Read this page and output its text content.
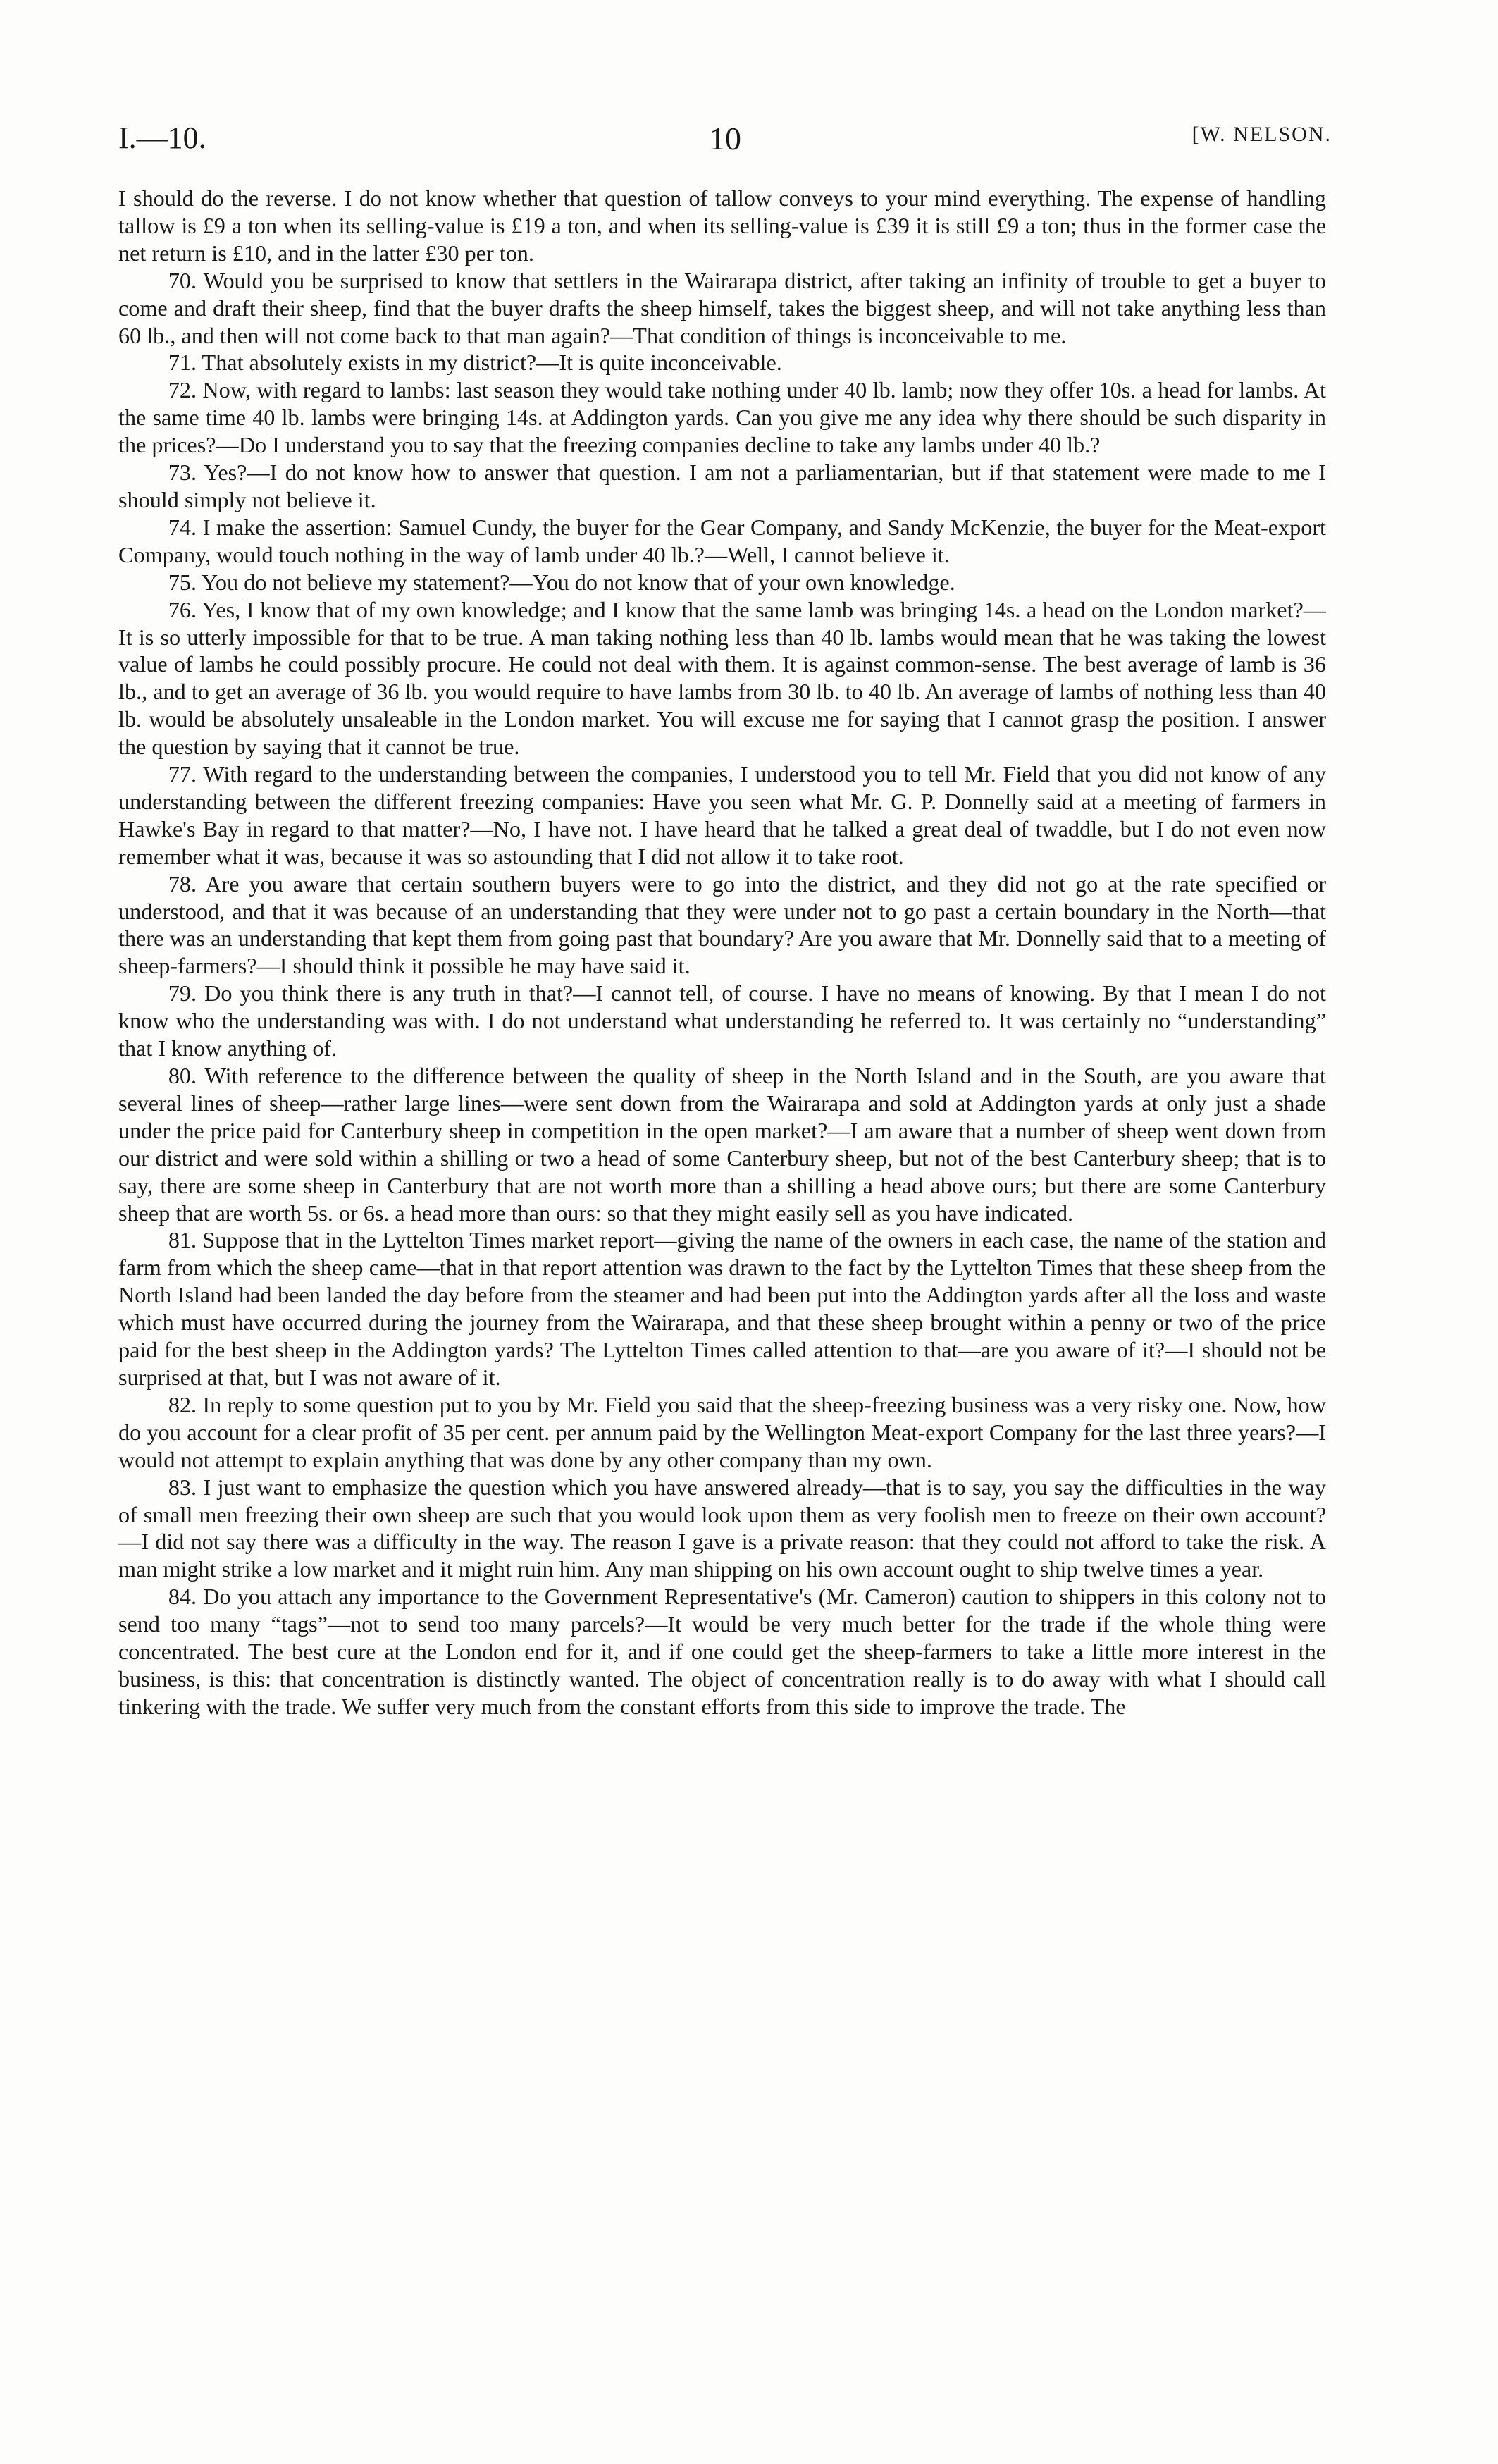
I.—10.	10	[W. NELSON.

I should do the reverse. I do not know whether that question of tallow conveys to your mind everything. The expense of handling tallow is £9 a ton when its selling-value is £19 a ton, and when its selling-value is £39 it is still £9 a ton; thus in the former case the net return is £10, and in the latter £30 per ton.

70. Would you be surprised to know that settlers in the Wairarapa district, after taking an infinity of trouble to get a buyer to come and draft their sheep, find that the buyer drafts the sheep himself, takes the biggest sheep, and will not take anything less than 60 lb., and then will not come back to that man again?—That condition of things is inconceivable to me.

71. That absolutely exists in my district?—It is quite inconceivable.

72. Now, with regard to lambs: last season they would take nothing under 40 lb. lamb; now they offer 10s. a head for lambs. At the same time 40 lb. lambs were bringing 14s. at Addington yards. Can you give me any idea why there should be such disparity in the prices?—Do I understand you to say that the freezing companies decline to take any lambs under 40 lb.?

73. Yes?—I do not know how to answer that question. I am not a parliamentarian, but if that statement were made to me I should simply not believe it.

74. I make the assertion: Samuel Cundy, the buyer for the Gear Company, and Sandy McKenzie, the buyer for the Meat-export Company, would touch nothing in the way of lamb under 40 lb.?—Well, I cannot believe it.

75. You do not believe my statement?—You do not know that of your own knowledge.

76. Yes, I know that of my own knowledge; and I know that the same lamb was bringing 14s. a head on the London market?—It is so utterly impossible for that to be true. A man taking nothing less than 40 lb. lambs would mean that he was taking the lowest value of lambs he could possibly procure. He could not deal with them. It is against common-sense. The best average of lamb is 36 lb., and to get an average of 36 lb. you would require to have lambs from 30 lb. to 40 lb. An average of lambs of nothing less than 40 lb. would be absolutely unsaleable in the London market. You will excuse me for saying that I cannot grasp the position. I answer the question by saying that it cannot be true.

77. With regard to the understanding between the companies, I understood you to tell Mr. Field that you did not know of any understanding between the different freezing companies: Have you seen what Mr. G. P. Donnelly said at a meeting of farmers in Hawke's Bay in regard to that matter?—No, I have not. I have heard that he talked a great deal of twaddle, but I do not even now remember what it was, because it was so astounding that I did not allow it to take root.

78. Are you aware that certain southern buyers were to go into the district, and they did not go at the rate specified or understood, and that it was because of an understanding that they were under not to go past a certain boundary in the North—that there was an understanding that kept them from going past that boundary? Are you aware that Mr. Donnelly said that to a meeting of sheep-farmers?—I should think it possible he may have said it.

79. Do you think there is any truth in that?—I cannot tell, of course. I have no means of knowing. By that I mean I do not know who the understanding was with. I do not understand what understanding he referred to. It was certainly no “understanding” that I know anything of.

80. With reference to the difference between the quality of sheep in the North Island and in the South, are you aware that several lines of sheep—rather large lines—were sent down from the Wairarapa and sold at Addington yards at only just a shade under the price paid for Canterbury sheep in competition in the open market?—I am aware that a number of sheep went down from our district and were sold within a shilling or two a head of some Canterbury sheep, but not of the best Canterbury sheep; that is to say, there are some sheep in Canterbury that are not worth more than a shilling a head above ours; but there are some Canterbury sheep that are worth 5s. or 6s. a head more than ours: so that they might easily sell as you have indicated.

81. Suppose that in the Lyttelton Times market report—giving the name of the owners in each case, the name of the station and farm from which the sheep came—that in that report attention was drawn to the fact by the Lyttelton Times that these sheep from the North Island had been landed the day before from the steamer and had been put into the Addington yards after all the loss and waste which must have occurred during the journey from the Wairarapa, and that these sheep brought within a penny or two of the price paid for the best sheep in the Addington yards? The Lyttelton Times called attention to that—are you aware of it?—I should not be surprised at that, but I was not aware of it.

82. In reply to some question put to you by Mr. Field you said that the sheep-freezing business was a very risky one. Now, how do you account for a clear profit of 35 per cent. per annum paid by the Wellington Meat-export Company for the last three years?—I would not attempt to explain anything that was done by any other company than my own.

83. I just want to emphasize the question which you have answered already—that is to say, you say the difficulties in the way of small men freezing their own sheep are such that you would look upon them as very foolish men to freeze on their own account?—I did not say there was a difficulty in the way. The reason I gave is a private reason: that they could not afford to take the risk. A man might strike a low market and it might ruin him. Any man shipping on his own account ought to ship twelve times a year.

84. Do you attach any importance to the Government Representative's (Mr. Cameron) caution to shippers in this colony not to send too many “tags”—not to send too many parcels?—It would be very much better for the trade if the whole thing were concentrated. The best cure at the London end for it, and if one could get the sheep-farmers to take a little more interest in the business, is this: that concentration is distinctly wanted. The object of concentration really is to do away with what I should call tinkering with the trade. We suffer very much from the constant efforts from this side to improve the trade. The
